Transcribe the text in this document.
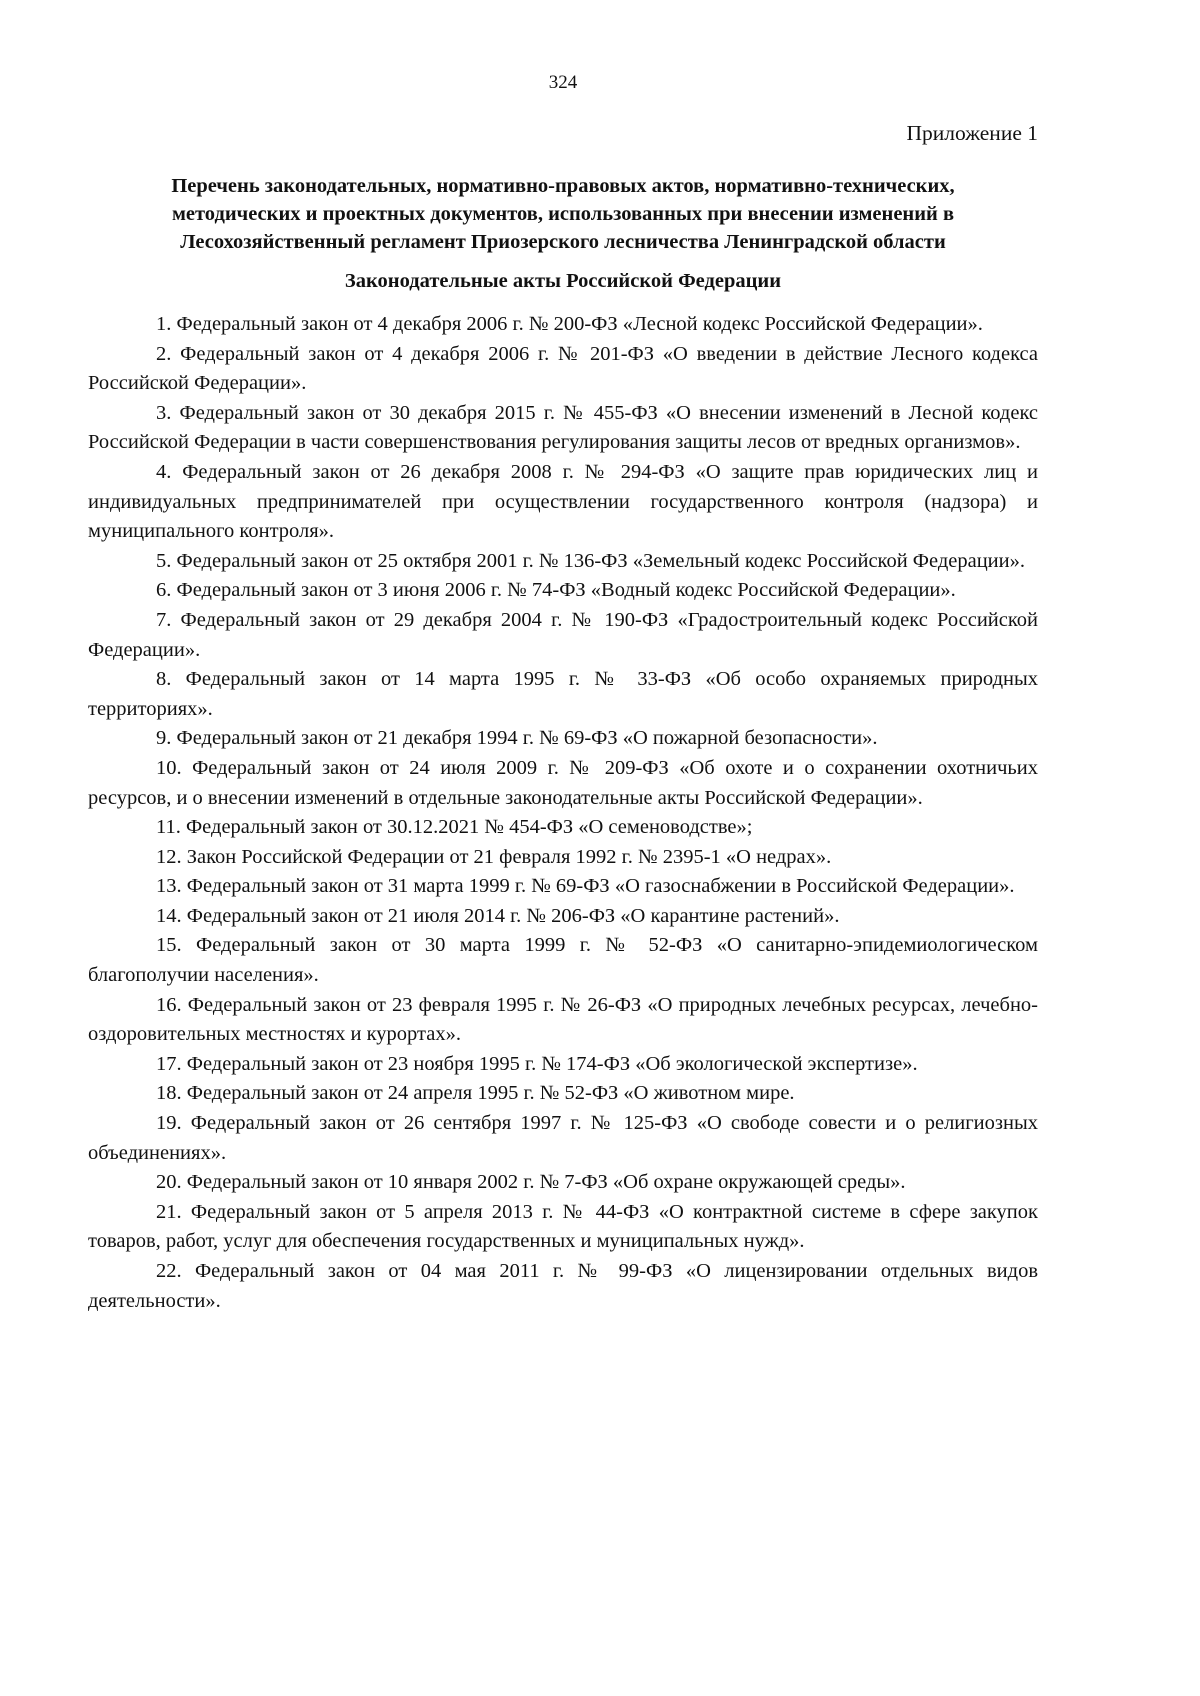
324
Приложение 1
Перечень законодательных, нормативно-правовых актов, нормативно-технических,
методических и проектных документов, использованных при внесении изменений в
Лесохозяйственный регламент Приозерского лесничества Ленинградской области
Законодательные акты Российской Федерации

1. Федеральный закон от 4 декабря 2006 г. № 200-ФЗ «Лесной кодекс Российской Федерации».

2. Федеральный закон от 4 декабря 2006 г. № 201-ФЗ «О введении в действие Лесного кодекса Российской Федерации».

3. Федеральный закон от 30 декабря 2015 г. № 455-ФЗ «О внесении изменений в Лесной кодекс Российской Федерации в части совершенствования регулирования защиты лесов от вредных организмов».

4. Федеральный закон от 26 декабря 2008 г. № 294-ФЗ «О защите прав юридических лиц и индивидуальных предпринимателей при осуществлении государственного контроля (надзора) и муниципального контроля».

5. Федеральный закон от 25 октября 2001 г. № 136-ФЗ «Земельный кодекс Российской Федерации».

6. Федеральный закон от 3 июня 2006 г. № 74-ФЗ «Водный кодекс Российской Федерации».

7. Федеральный закон от 29 декабря 2004 г. № 190-ФЗ «Градостроительный кодекс Российской Федерации».

8. Федеральный закон от 14 марта 1995 г. № 33-ФЗ «Об особо охраняемых природных территориях».

9. Федеральный закон от 21 декабря 1994 г. № 69-ФЗ «О пожарной безопасности».

10. Федеральный закон от 24 июля 2009 г. № 209-ФЗ «Об охоте и о сохранении охотничьих ресурсов, и о внесении изменений в отдельные законодательные акты Российской Федерации».

11. Федеральный закон от 30.12.2021 № 454-ФЗ «О семеноводстве»;

12. Закон Российской Федерации от 21 февраля 1992 г. № 2395-1 «О недрах».

13. Федеральный закон от 31 марта 1999 г. № 69-ФЗ «О газоснабжении в Российской Федерации».

14. Федеральный закон от 21 июля 2014 г. № 206-ФЗ «О карантине растений».

15. Федеральный закон от 30 марта 1999 г. № 52-ФЗ «О санитарно-эпидемиологическом благополучии населения».

16. Федеральный закон от 23 февраля 1995 г. № 26-ФЗ «О природных лечебных ресурсах, лечебно-оздоровительных местностях и курортах».

17. Федеральный закон от 23 ноября 1995 г. № 174-ФЗ «Об экологической экспертизе».

18. Федеральный закон от 24 апреля 1995 г. № 52-ФЗ «О животном мире.

19. Федеральный закон от 26 сентября 1997 г. № 125-ФЗ «О свободе совести и о религиозных объединениях».

20. Федеральный закон от 10 января 2002 г. № 7-ФЗ «Об охране окружающей среды».

21. Федеральный закон от 5 апреля 2013 г. № 44-ФЗ «О контрактной системе в сфере закупок товаров, работ, услуг для обеспечения государственных и муниципальных нужд».

22. Федеральный закон от 04 мая 2011 г. № 99-ФЗ «О лицензировании отдельных видов деятельности».
